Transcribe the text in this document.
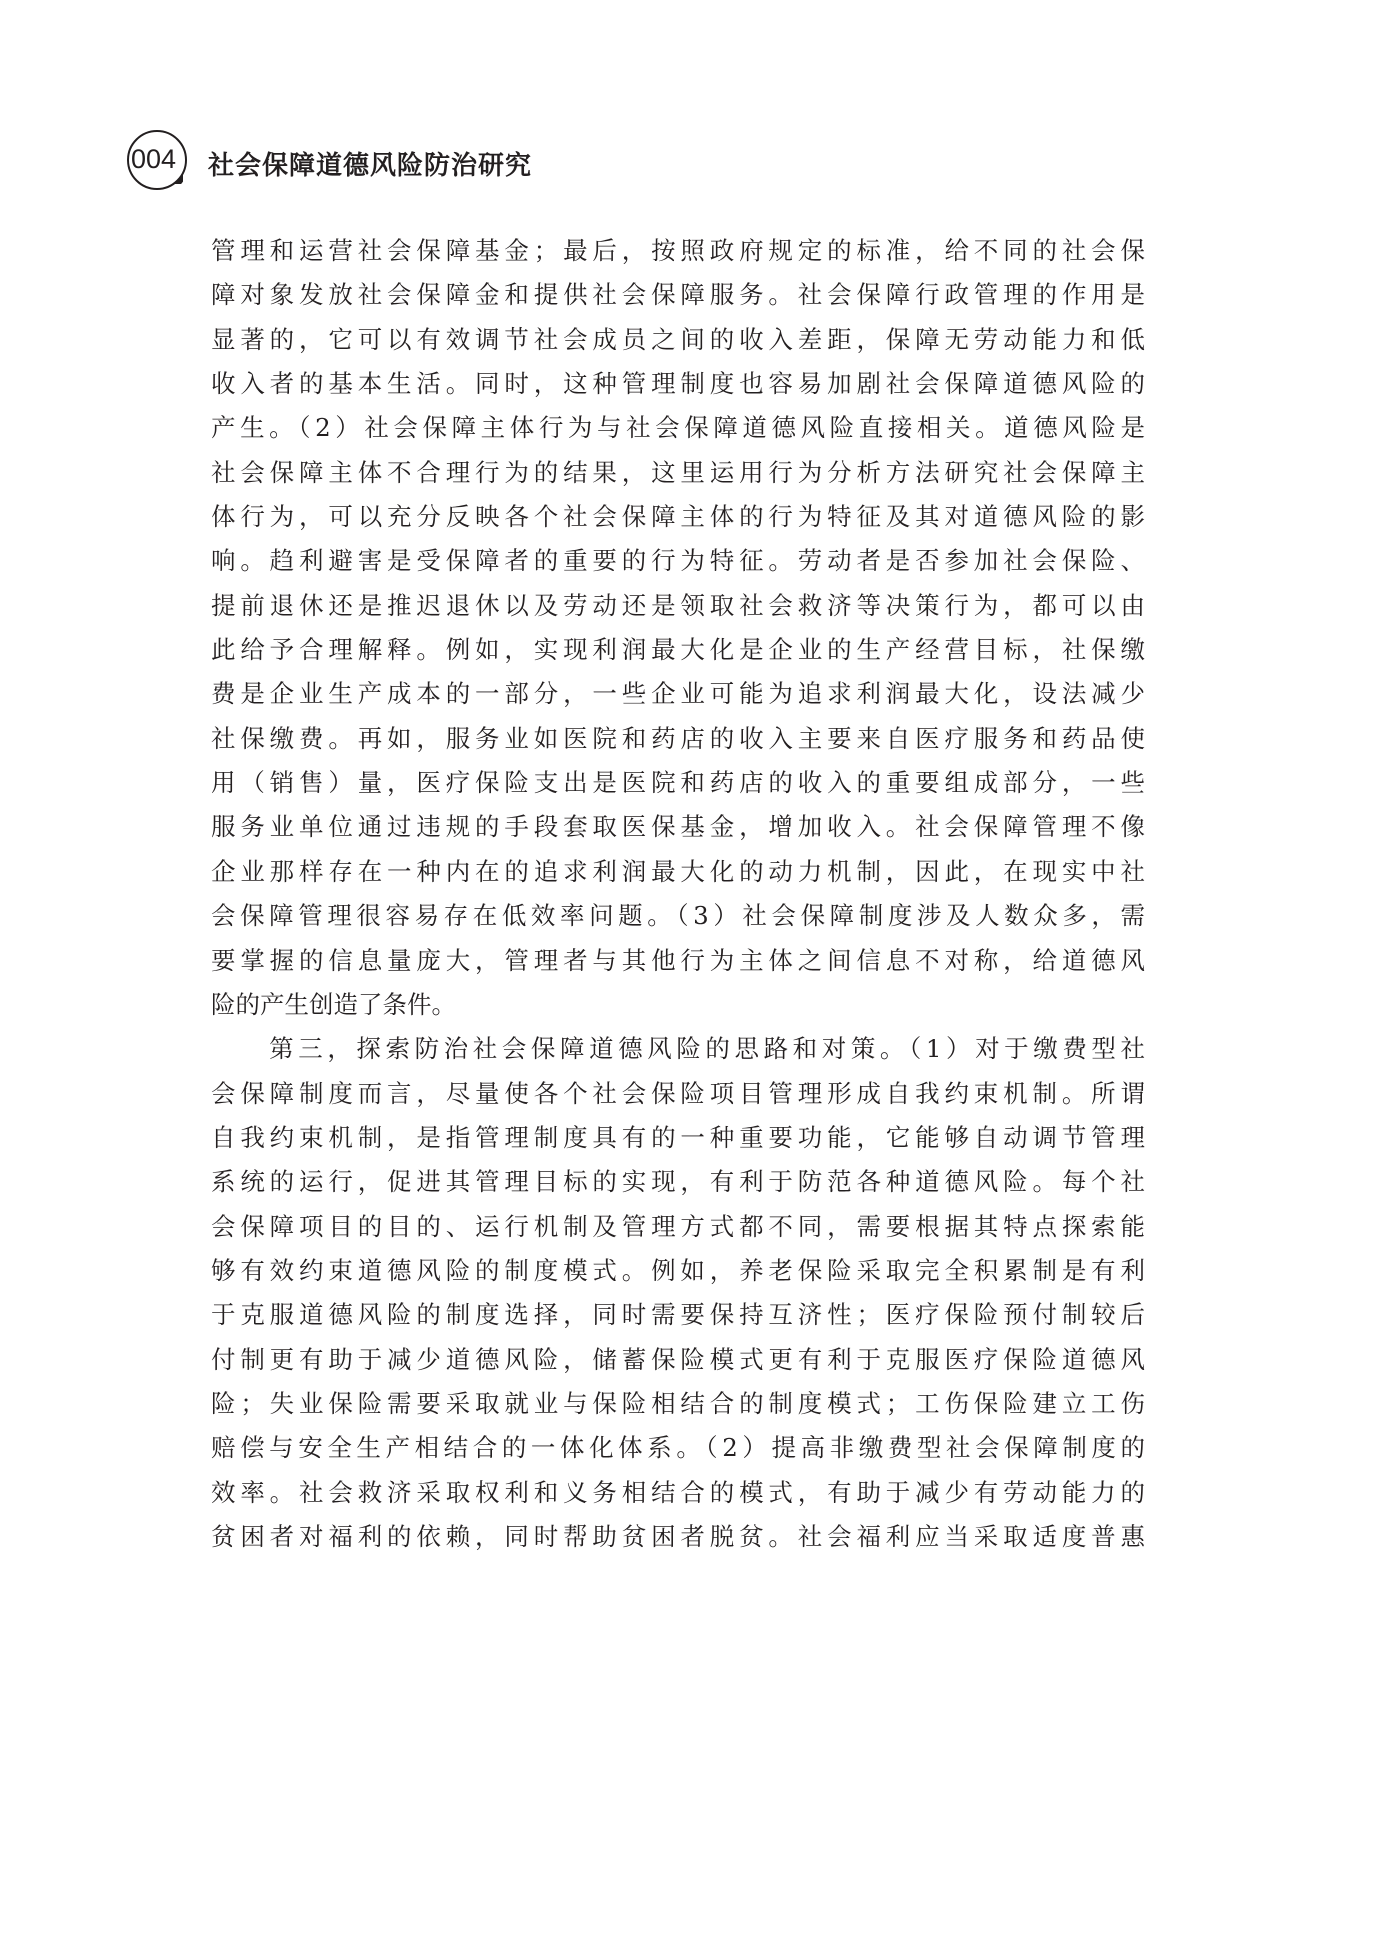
004	社会保障道德风险防治研究
管理和运营社会保障基金；最后，按照政府规定的标准，给不同的社会保
障对象发放社会保障金和提供社会保障服务。社会保障行政管理的作用是
显著的，它可以有效调节社会成员之间的收入差距，保障无劳动能力和低
收入者的基本生活。同时，这种管理制度也容易加剧社会保障道德风险的
产生。（2）社会保障主体行为与社会保障道德风险直接相关。道德风险是
社会保障主体不合理行为的结果，这里运用行为分析方法研究社会保障主
体行为，可以充分反映各个社会保障主体的行为特征及其对道德风险的影
响。趋利避害是受保障者的重要的行为特征。劳动者是否参加社会保险、
提前退休还是推迟退休以及劳动还是领取社会救济等决策行为，都可以由
此给予合理解释。例如，实现利润最大化是企业的生产经营目标，社保缴
费是企业生产成本的一部分，一些企业可能为追求利润最大化，设法减少
社保缴费。再如，服务业如医院和药店的收入主要来自医疗服务和药品使
用（销售）量，医疗保险支出是医院和药店的收入的重要组成部分，一些
服务业单位通过违规的手段套取医保基金，增加收入。社会保障管理不像
企业那样存在一种内在的追求利润最大化的动力机制，因此，在现实中社
会保障管理很容易存在低效率问题。（3）社会保障制度涉及人数众多，需
要掌握的信息量庞大，管理者与其他行为主体之间信息不对称，给道德风
险的产生创造了条件。
　　第三，探索防治社会保障道德风险的思路和对策。（1）对于缴费型社
会保障制度而言，尽量使各个社会保险项目管理形成自我约束机制。所谓
自我约束机制，是指管理制度具有的一种重要功能，它能够自动调节管理
系统的运行，促进其管理目标的实现，有利于防范各种道德风险。每个社
会保障项目的目的、运行机制及管理方式都不同，需要根据其特点探索能
够有效约束道德风险的制度模式。例如，养老保险采取完全积累制是有利
于克服道德风险的制度选择，同时需要保持互济性；医疗保险预付制较后
付制更有助于减少道德风险，储蓄保险模式更有利于克服医疗保险道德风
险；失业保险需要采取就业与保险相结合的制度模式；工伤保险建立工伤
赔偿与安全生产相结合的一体化体系。（2）提高非缴费型社会保障制度的
效率。社会救济采取权利和义务相结合的模式，有助于减少有劳动能力的
贫困者对福利的依赖，同时帮助贫困者脱贫。社会福利应当采取适度普惠
